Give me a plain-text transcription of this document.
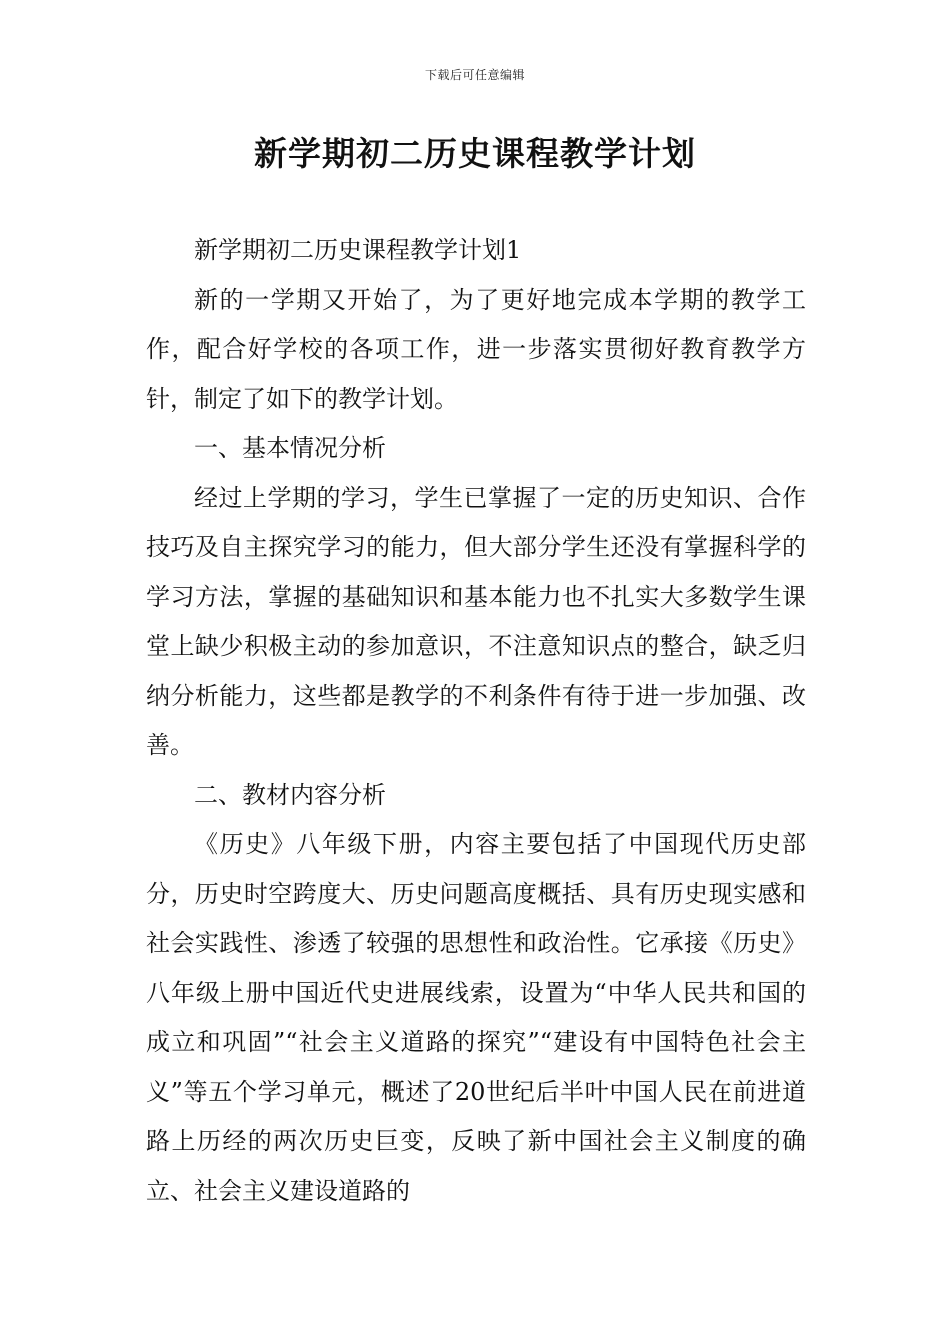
下载后可任意编辑
新学期初二历史课程教学计划

新学期初二历史课程教学计划1

新的一学期又开始了，为了更好地完成本学期的教学工作，配合好学校的各项工作，进一步落实贯彻好教育教学方针，制定了如下的教学计划。

一、基本情况分析

经过上学期的学习，学生已掌握了一定的历史知识、合作技巧及自主探究学习的能力，但大部分学生还没有掌握科学的学习方法，掌握的基础知识和基本能力也不扎实大多数学生课堂上缺少积极主动的参加意识，不注意知识点的整合，缺乏归纳分析能力，这些都是教学的不利条件有待于进一步加强、改善。

二、教材内容分析

《历史》八年级下册，内容主要包括了中国现代历史部分，历史时空跨度大、历史问题高度概括、具有历史现实感和社会实践性、渗透了较强的思想性和政治性。它承接《历史》八年级上册中国近代史进展线索，设置为“中华人民共和国的成立和巩固”“社会主义道路的探究”“建设有中国特色社会主义”等五个学习单元，概述了20世纪后半叶中国人民在前进道路上历经的两次历史巨变，反映了新中国社会主义制度的确立、社会主义建设道路的
